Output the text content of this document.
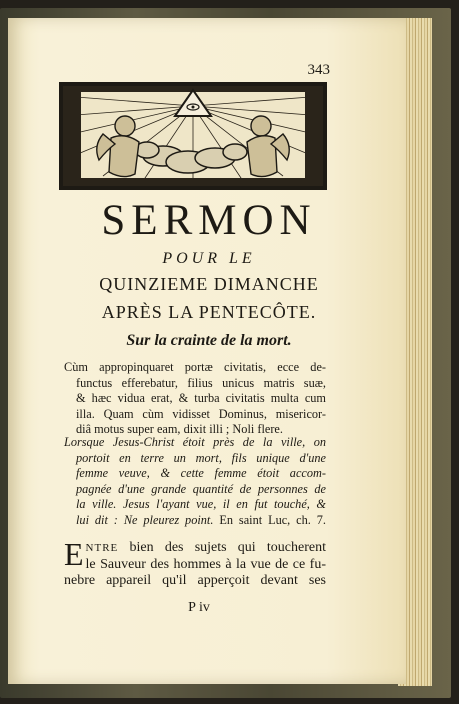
343
SERMON
POUR LE
QUINZIEME DIMANCHE
APRÈS LA PENTECÔTE.
Sur la crainte de la mort.
Cùm appropinquaret portæ civitatis, ecce de-
functus efferebatur, filius unicus matris suæ,
& hæc vidua erat, & turba civitatis multa cum
illa. Quam cùm vidisset Dominus, misericor-
diâ motus super eam, dixit illi ; Noli flere.
Lorsque Jesus-Christ étoit près de la ville, on
portoit en terre un mort, fils unique d'une
femme veuve, & cette femme étoit accom-
pagnée d'une grande quantité de personnes de
la ville. Jesus l'ayant vue, il en fut touché, &
lui dit : Ne pleurez point. En saint Luc, ch. 7.
ENTRE bien des sujets qui toucherent
le Sauveur des hommes à la vue de ce fu-
nebre appareil qu'il apperçoit devant ses
P iv
